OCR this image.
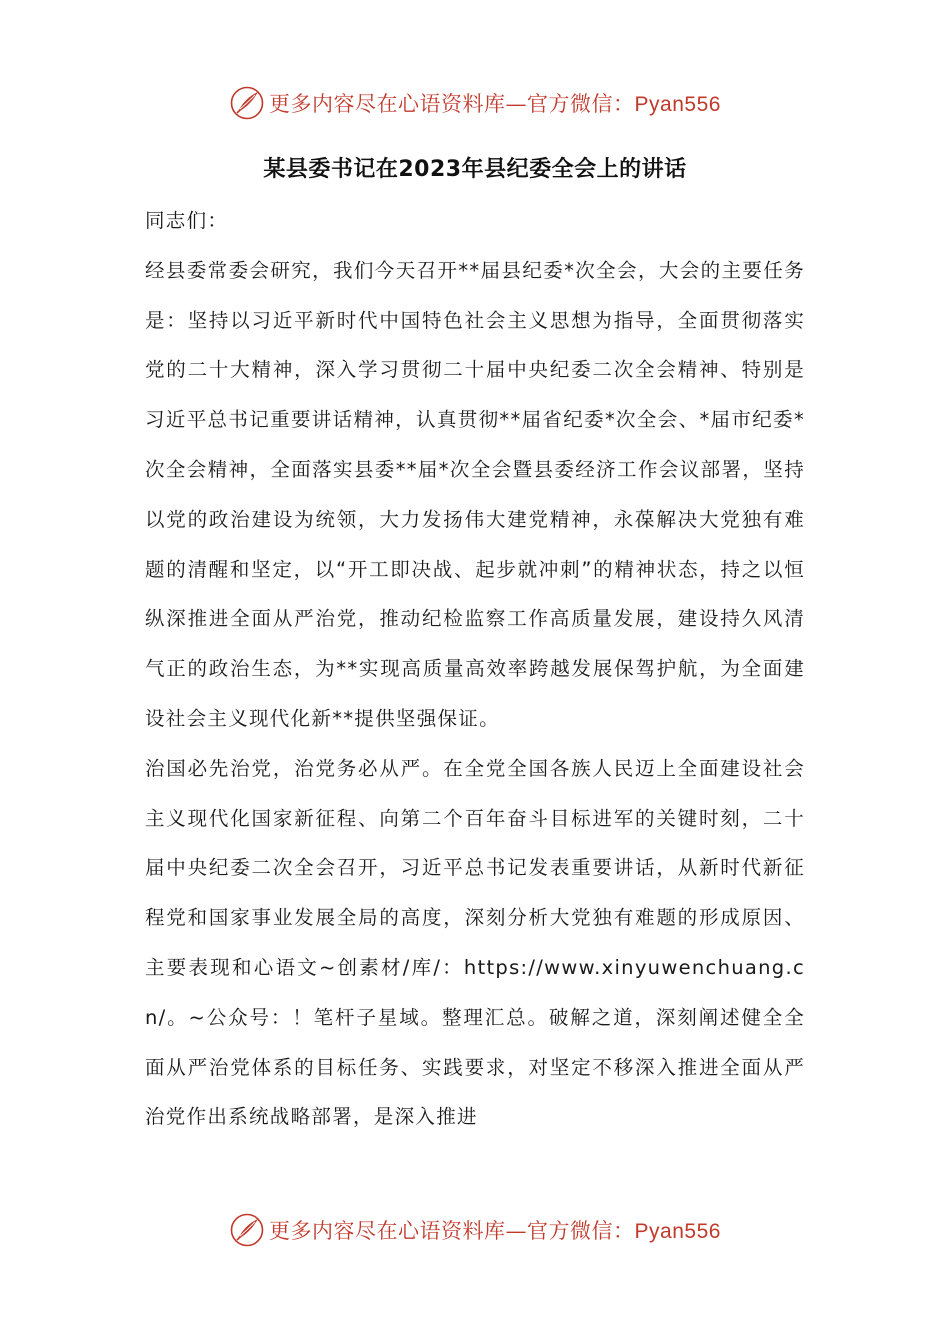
更多内容尽在心语资料库—官方微信：Pyan556
某县委书记在2023年县纪委全会上的讲话

同志们：

经县委常委会研究，我们今天召开**届县纪委*次全会，大会的主要任务是：坚持以习近平新时代中国特色社会主义思想为指导，全面贯彻落实党的二十大精神，深入学习贯彻二十届中央纪委二次全会精神、特别是习近平总书记重要讲话精神，认真贯彻**届省纪委*次全会、*届市纪委*次全会精神，全面落实县委**届*次全会暨县委经济工作会议部署，坚持以党的政治建设为统领，大力发扬伟大建党精神，永葆解决大党独有难题的清醒和坚定，以“开工即决战、起步就冲刺”的精神状态，持之以恒纵深推进全面从严治党，推动纪检监察工作高质量发展，建设持久风清气正的政治生态，为**实现高质量高效率跨越发展保驾护航，为全面建设社会主义现代化新**提供坚强保证。

治国必先治党，治党务必从严。在全党全国各族人民迈上全面建设社会主义现代化国家新征程、向第二个百年奋斗目标进军的关键时刻，二十届中央纪委二次全会召开，习近平总书记发表重要讲话，从新时代新征程党和国家事业发展全局的高度，深刻分析大党独有难题的形成原因、主要表现和心语文~创素材/库/：https://www.xinyuwenchuang.cn/。~公众号：！笔杆子星域。整理汇总。破解之道，深刻阐述健全全面从严治党体系的目标任务、实践要求，对坚定不移深入推进全面从严治党作出系统战略部署，是深入推进

更多内容尽在心语资料库—官方微信：Pyan556
